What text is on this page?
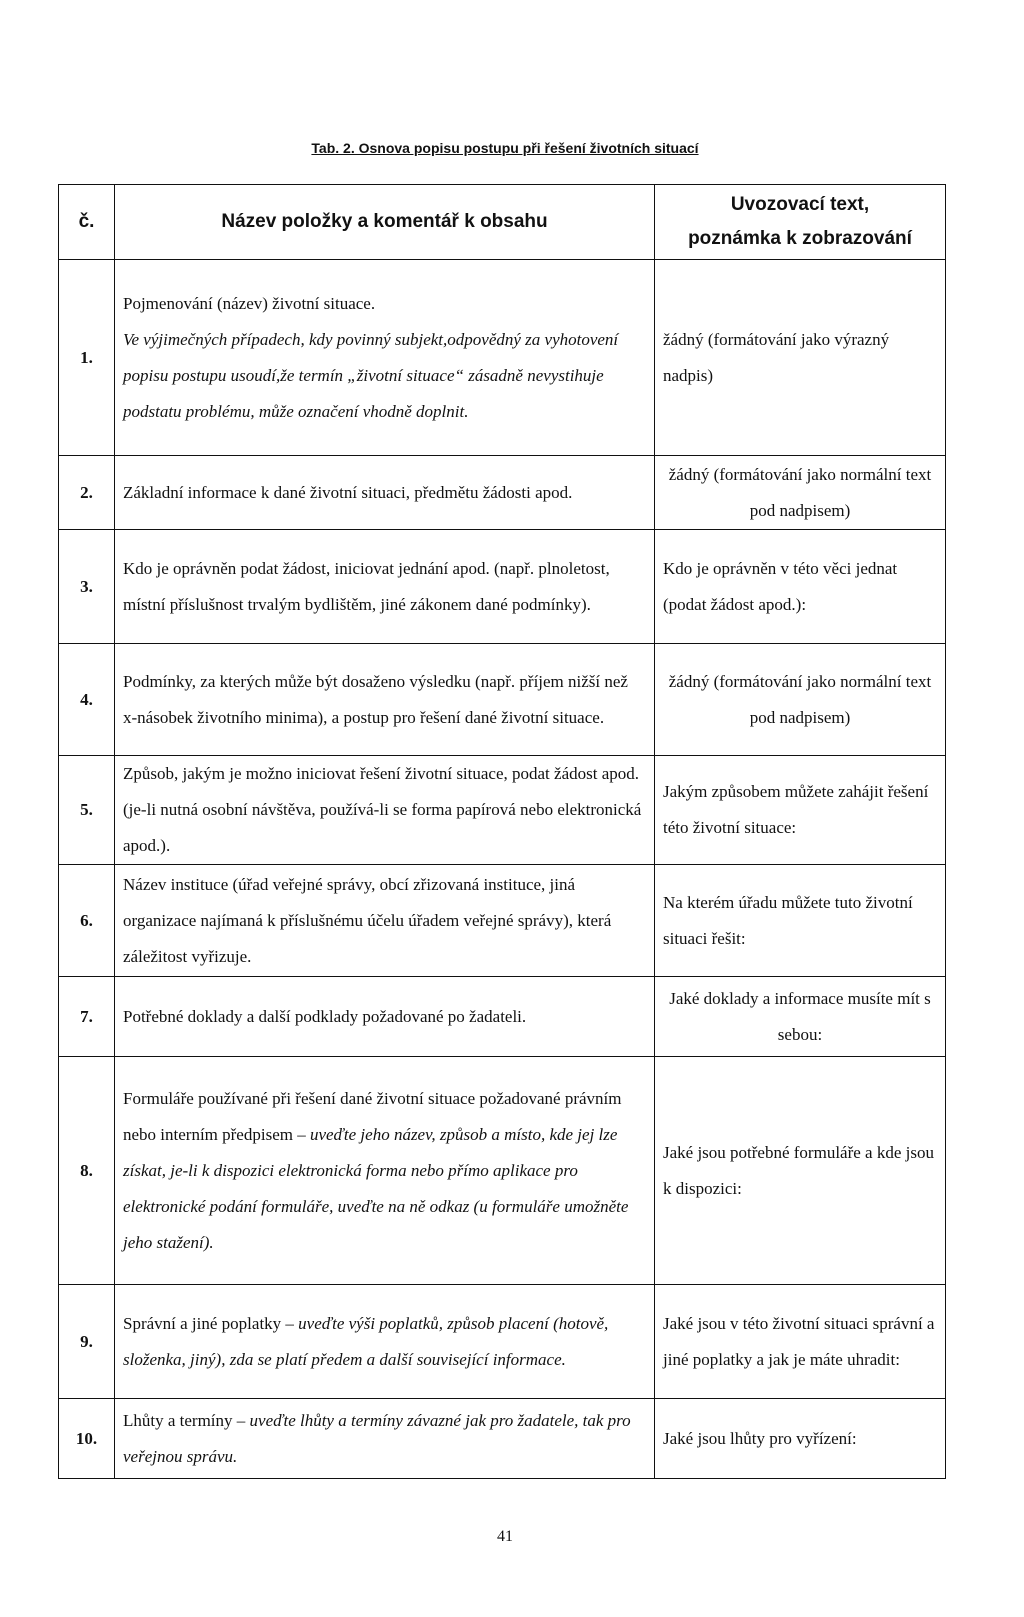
Tab. 2. Osnova popisu postupu při řešení životních situací
č.	Název položky a komentář k obsahu	Uvozovací text,
poznámka k zobrazování

1.	Pojmenování (název) životní situace.
Ve výjimečných případech, kdy povinný subjekt,odpovědný za vyhotovení popisu postupu usoudí,že termín „životní situace“ zásadně nevystihuje podstatu problému, může označení vhodně doplnit.	žádný (formátování jako výrazný nadpis)
2.	Základní informace k dané životní situaci, předmětu žádosti apod.	žádný (formátování jako normální text pod nadpisem)
3.	Kdo je oprávněn podat žádost, iniciovat jednání apod. (např. plnoletost, místní příslušnost trvalým bydlištěm, jiné zákonem dané podmínky).	Kdo je oprávněn v této věci jednat (podat žádost apod.):
4.	Podmínky, za kterých může být dosaženo výsledku (např. příjem nižší než x-násobek životního minima), a postup pro řešení dané životní situace.	žádný (formátování jako normální text pod nadpisem)
5.	Způsob, jakým je možno iniciovat řešení životní situace, podat žádost apod. (je-li nutná osobní návštěva, používá-li se forma papírová nebo elektronická apod.).	Jakým způsobem můžete zahájit řešení této životní situace:
6.	Název instituce (úřad veřejné správy, obcí zřizovaná instituce, jiná organizace najímaná k příslušnému účelu úřadem veřejné správy), která záležitost vyřizuje.	Na kterém úřadu můžete tuto životní situaci řešit:
7.	Potřebné doklady a další podklady požadované po žadateli.	Jaké doklady a informace musíte mít s sebou:
8.	Formuláře používané při řešení dané životní situace požadované právním nebo interním předpisem – uveďte jeho název, způsob a místo, kde jej lze získat, je-li k dispozici elektronická forma nebo přímo aplikace pro elektronické podání formuláře, uveďte na ně odkaz (u formuláře umožněte jeho stažení).	Jaké jsou potřebné formuláře a kde jsou k dispozici:
9.	Správní a jiné poplatky – uveďte výši poplatků, způsob placení (hotově, složenka, jiný), zda se platí předem a další související informace.	Jaké jsou v této životní situaci správní a jiné poplatky a jak je máte uhradit:
10.	Lhůty a termíny – uveďte lhůty a termíny závazné jak pro žadatele, tak pro veřejnou správu.	Jaké jsou lhůty pro vyřízení:
41
